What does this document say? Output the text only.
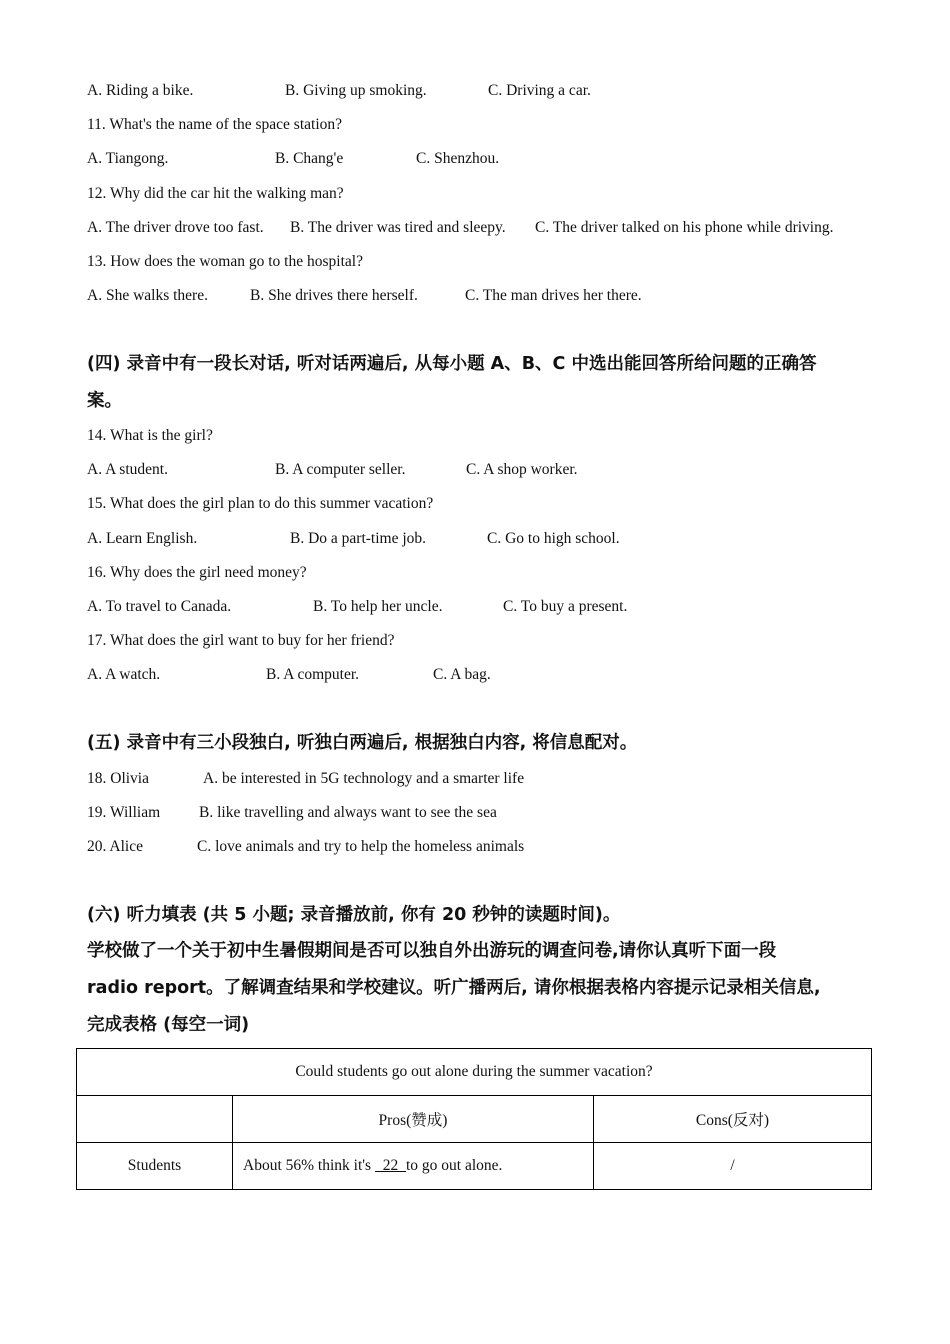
A. Riding a bike.	B. Giving up smoking.	C. Driving a car.
11. What's the name of the space station?
A. Tiangong.	B. Chang'e	C. Shenzhou.
12. Why did the car hit the walking man?
A. The driver drove too fast. B. The driver was tired and sleepy. C. The driver talked on his phone while driving.
13. How does the woman go to the hospital?
A. She walks there.	B. She drives there herself.	C. The man drives her there.
(四) 录音中有一段长对话, 听对话两遍后, 从每小题 A、B、C 中选出能回答所给问题的正确答
案。
14. What is the girl?
A. A student.	B. A computer seller.	C. A shop worker.
15. What does the girl plan to do this summer vacation?
A. Learn English.	B. Do a part-time job.	C. Go to high school.
16. Why does the girl need money?
A. To travel to Canada.	B. To help her uncle.	C. To buy a present.
17. What does the girl want to buy for her friend?
A. A watch.	B. A computer.	C. A bag.
(五) 录音中有三小段独白, 听独白两遍后, 根据独白内容, 将信息配对。
18. Olivia	A. be interested in 5G technology and a smarter life
19. William	B. like travelling and always want to see the sea
20. Alice	C. love animals and try to help the homeless animals
(六) 听力填表 (共 5 小题; 录音播放前, 你有 20 秒钟的读题时间)。
学校做了一个关于初中生暑假期间是否可以独自外出游玩的调查问卷,请你认真听下面一段
radio report。了解调查结果和学校建议。听广播两后, 请你根据表格内容提示记录相关信息,
完成表格 (每空一词)
Could students go out alone during the summer vacation?		
	Pros(赞成)	Cons(反对)
Students	About 56% think it's   22  to go out alone.	/
